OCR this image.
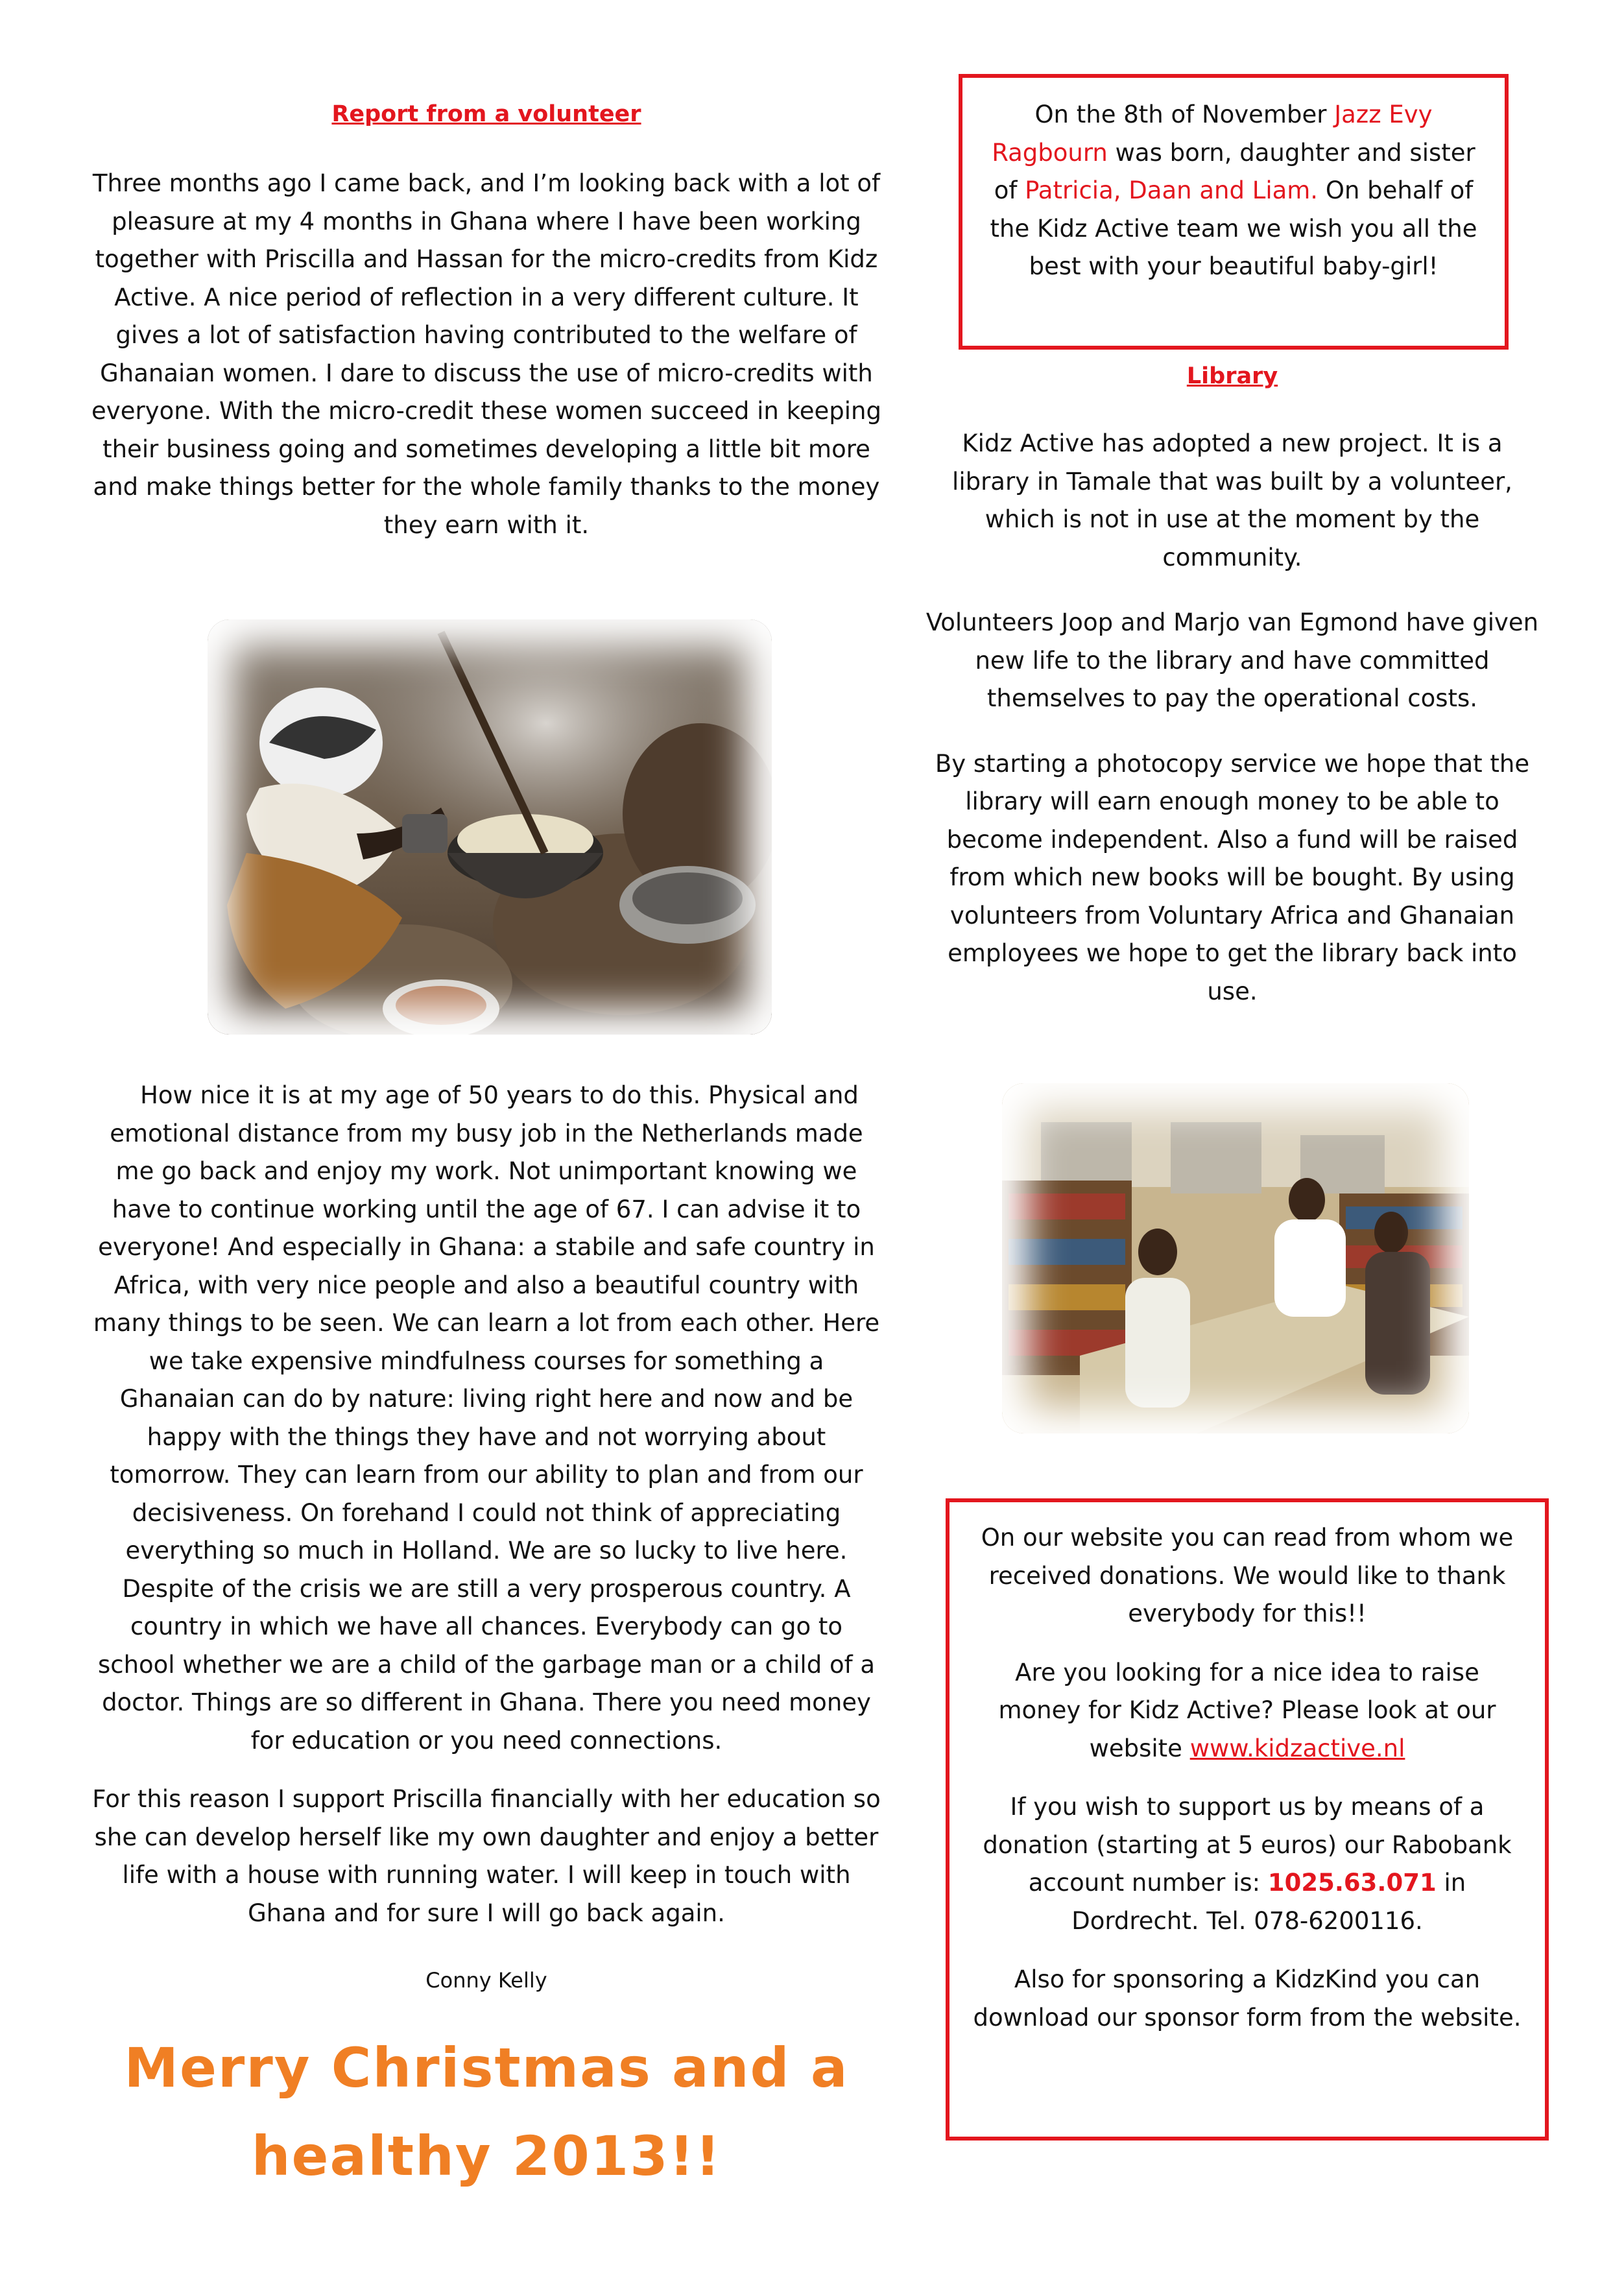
Report from a volunteer

Three months ago I came back, and I’m looking back with a lot of pleasure at my 4 months in Ghana where I have been working together with Priscilla and Hassan for the micro-credits from Kidz Active. A nice period of reflection in a very different culture. It gives a lot of satisfaction having contributed to the welfare of Ghanaian women. I dare to discuss the use of micro-credits with everyone. With the micro-credit these women succeed in keeping their business going and sometimes developing a little bit more and make things better for the whole family thanks to the money they earn with it.

How nice it is at my age of 50 years to do this. Physical and emotional distance from my busy job in the Netherlands made me go back and enjoy my work. Not unimportant knowing we have to continue working until the age of 67. I can advise it to everyone! And especially in Ghana: a stabile and safe country in Africa, with very nice people and also a beautiful country with many things to be seen. We can learn a lot from each other. Here we take expensive mindfulness courses for something a Ghanaian can do by nature: living right here and now and be happy with the things they have and not worrying about tomorrow. They can learn from our ability to plan and from our decisiveness. On forehand I could not think of appreciating everything so much in Holland. We are so lucky to live here. Despite of the crisis we are still a very prosperous country. A country in which we have all chances. Everybody can go to school whether we are a child of the garbage man or a child of a doctor. Things are so different in Ghana. There you need money for education or you need connections.

For this reason I support Priscilla financially with her education so she can develop herself like my own daughter and enjoy a better life with a house with running water. I will keep in touch with Ghana and for sure I will go back again.

Conny Kelly
Merry Christmas and a
healthy 2013!!

On the 8th of November Jazz Evy Ragbourn was born, daughter and sister of Patricia, Daan and Liam. On behalf of the Kidz Active team we wish you all the best with your beautiful baby-girl!

Library

Kidz Active has adopted a new project. It is a library in Tamale that was built by a volunteer, which is not in use at the moment by the community.

Volunteers Joop and Marjo van Egmond have given new life to the library and have committed themselves to pay the operational costs.

By starting a photocopy service we hope that the library will earn enough money to be able to become independent. Also a fund will be raised from which new books will be bought. By using volunteers from Voluntary Africa and Ghanaian employees we hope to get the library back into use.

On our website you can read from whom we received donations. We would like to thank everybody for this!!

Are you looking for a nice idea to raise money for Kidz Active? Please look at our website www.kidzactive.nl

If you wish to support us by means of a donation (starting at 5 euros) our Rabobank account number is: 1025.63.071 in Dordrecht. Tel. 078-6200116.

Also for sponsoring a KidzKind you can download our sponsor form from the website.
